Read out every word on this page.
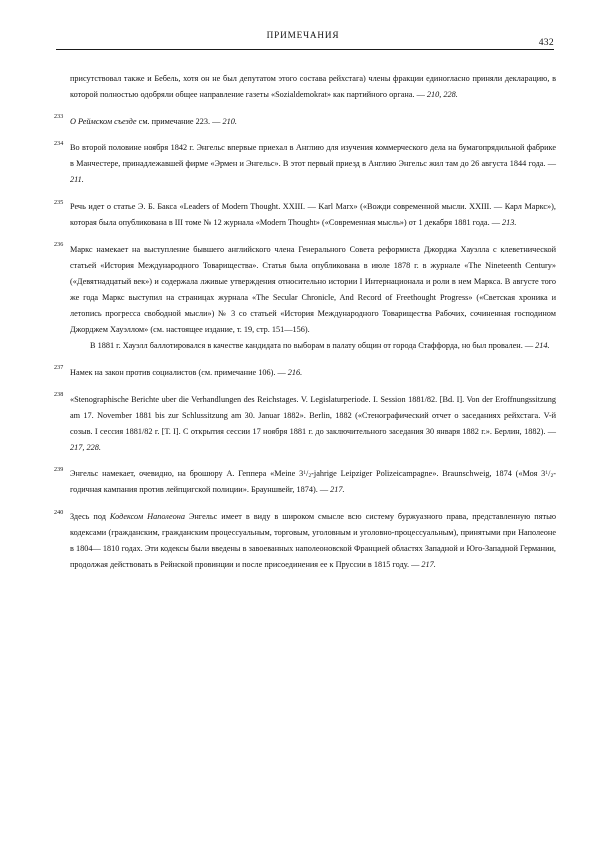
ПРИМЕЧАНИЯ
432

присутствовал также и Бебель, хотя он не был депутатом этого состава рейхстага) члены фракции единогласно приняли декларацию, в которой полностью одобряли общее направление газеты «Sozialdemokrat» как партийного органа. — 210, 228.

233 О Реймском съезде см. примечание 223. — 210.

234 Во второй половине ноября 1842 г. Энгельс впервые приехал в Англию для изучения коммерческого дела на бумагопрядильной фабрике в Манчестере, принадлежавшей фирме «Эрмен и Энгельс». В этот первый приезд в Англию Энгельс жил там до 26 августа 1844 года. — 211.

235 Речь идет о статье Э. Б. Бакса «Leaders of Modern Thought. XXIII. — Karl Marx» («Вожди современной мысли. XXIII. — Карл Маркс»), которая была опубликована в III томе № 12 журнала «Modern Thought» («Современная мысль») от 1 декабря 1881 года. — 213.

236 Маркс намекает на выступление бывшего английского члена Генерального Совета реформиста Джорджа Хауэлла с клеветнической статьей «История Международного Товарищества». Статья была опубликована в июле 1878 г. в журнале «The Nineteenth Century» («Девятнадцатый век») и содержала лживые утверждения относительно истории I Интернационала и роли в нем Маркса. В августе того же года Маркс выступил на страницах журнала «The Secular Chronicle, And Record of Freethought Progress» («Светская хроника и летопись прогресса свободной мысли») № 3 со статьей «История Международного Товарищества Рабочих, сочиненная господином Джорджем Хауэллом» (см. настоящее издание, т. 19, стр. 151—156).

В 1881 г. Хауэлл баллотировался в качестве кандидата по выборам в палату общин от города Стаффорда, но был провален. — 214.

237 Намек на закон против социалистов (см. примечание 106). — 216.

238 «Stenographische Berichte uber die Verhandlungen des Reichstages. V. Legislaturperiode. I. Session 1881/82. [Bd. I]. Von der Eroffnungssitzung am 17. November 1881 bis zur Schlussitzung am 30. Januar 1882». Berlin, 1882 («Стенографический отчет о заседаниях рейхстага. V-й созыв. I сессия 1881/82 г. [Т. I]. С открытия сессии 17 ноября 1881 г. до заключительного заседания 30 января 1882 г.». Берлин, 1882). — 217, 228.

239 Энгельс намекает, очевидно, на брошюру А. Геппера «Meine $3^1/_2$-jahrige Leipziger Polizeicampagne». Braunschweig, 1874 («Моя $3^1/_2$-годичная кампания против лейпцигской полиции». Брауншвейг, 1874). — 217.

240 Здесь под Кодексом Наполеона Энгельс имеет в виду в широком смысле всю систему буржуазного права, представленную пятью кодексами (гражданским, гражданским процессуальным, торговым, уголовным и уголовно-процессуальным), принятыми при Наполеоне в 1804— 1810 годах. Эти кодексы были введены в завоеванных наполеоновской Францией областях Западной и Юго-Западной Германии, продолжая действовать в Рейнской провинции и после присоединения ее к Пруссии в 1815 году. — 217.
